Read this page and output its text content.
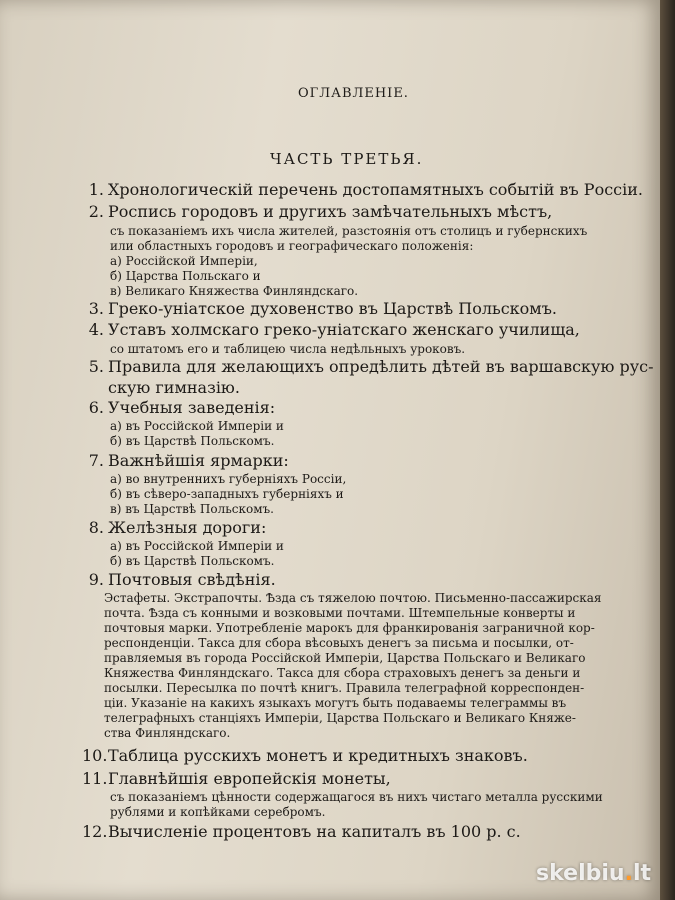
ОГЛАВЛЕНІЕ.
ЧАСТЬ ТРЕТЬЯ.
1. Хронологическій перечень достопамятныхъ событій въ Россіи.
2. Роспись городовъ и другихъ замѣчательныхъ мѣстъ,
съ показаніемъ ихъ числа жителей, разстоянія отъ столицъ и губернскихъ
или областныхъ городовъ и географическаго положенія:
а) Россійской Имперіи,
б) Царства Польскаго и
в) Великаго Княжества Финляндскаго.
3. Греко-уніатское духовенство въ Царствѣ Польскомъ.
4. Уставъ холмскаго греко-уніатскаго женскаго училища,
со штатомъ его и таблицею числа недѣльныхъ уроковъ.
5. Правила для желающихъ опредѣлить дѣтей въ варшавскую рус-
скую гимназію.
6. Учебныя заведенія:
а) въ Россійской Имперіи и
б) въ Царствѣ Польскомъ.
7. Важнѣйшія ярмарки:
а) во внутреннихъ губерніяхъ Россіи,
б) въ сѣверо-западныхъ губерніяхъ и
в) въ Царствѣ Польскомъ.
8. Желѣзныя дороги:
а) въ Россійской Имперіи и
б) въ Царствѣ Польскомъ.
9. Почтовыя свѣдѣнія.
Эстафеты. Экстрапочты. Ѣзда съ тяжелою почтою. Письменно-пассажирская
почта. Ѣзда съ конными и возковыми почтами. Штемпельные конверты и
почтовыя марки. Употребленіе марокъ для франкированія заграничной кор-
респонденціи. Такса для сбора вѣсовыхъ денегъ за письма и посылки, от-
правляемыя въ города Россійской Имперіи, Царства Польскаго и Великаго
Княжества Финляндскаго. Такса для сбора страховыхъ денегъ за деньги и
посылки. Пересылка по почтѣ книгъ. Правила телеграфной корреспонден-
ціи. Указаніе на какихъ языкахъ могутъ быть подаваемы телеграммы въ
телеграфныхъ станціяхъ Имперіи, Царства Польскаго и Великаго Княже-
ства Финляндскаго.
10.Таблица русскихъ монетъ и кредитныхъ знаковъ.
11.Главнѣйшія европейскія монеты,
съ показаніемъ цѣнности содержащагося въ нихъ чистаго металла русскими
рублями и копѣйками серебромъ.
12.Вычисленіе процентовъ на капиталъ въ 100 р. с.
skelbiu.lt
